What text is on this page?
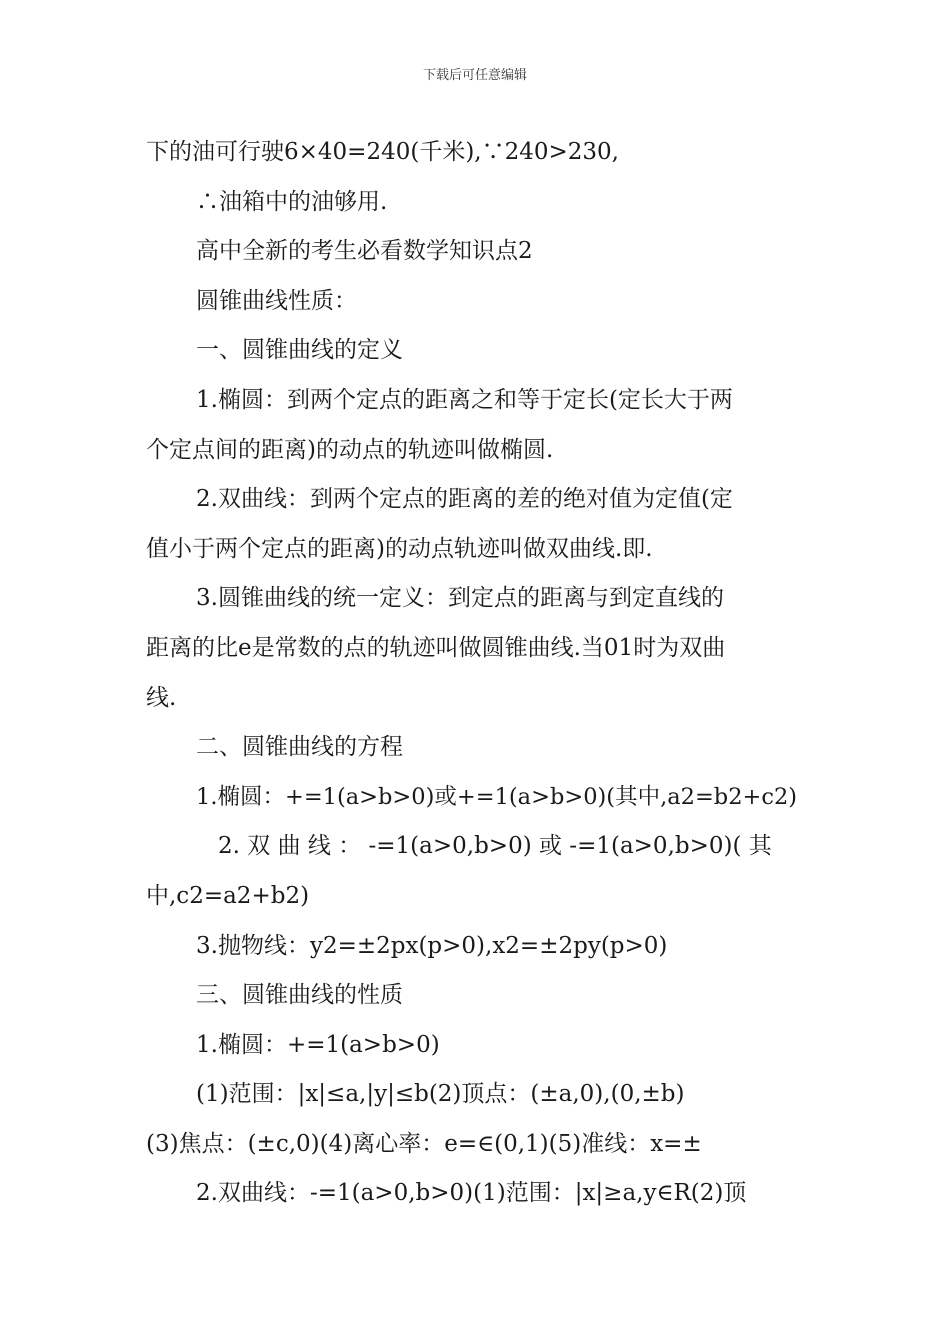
下载后可任意编辑
下的油可行驶6×40=240(千米),∵240>230,
∴油箱中的油够用.
高中全新的考生必看数学知识点2
圆锥曲线性质：
一、圆锥曲线的定义
1.椭圆：到两个定点的距离之和等于定长(定长大于两
个定点间的距离)的动点的轨迹叫做椭圆.
2.双曲线：到两个定点的距离的差的绝对值为定值(定
值小于两个定点的距离)的动点轨迹叫做双曲线.即.
3.圆锥曲线的统一定义：到定点的距离与到定直线的
距离的比e是常数的点的轨迹叫做圆锥曲线.当01时为双曲
线.
二、圆锥曲线的方程
1.椭圆：+=1(a>b>0)或+=1(a>b>0)(其中,a2=b2+c2)
2. 双 曲 线 ： -=1(a>0,b>0) 或 -=1(a>0,b>0)( 其
中,c2=a2+b2)
3.抛物线：y2=±2px(p>0),x2=±2py(p>0)
三、圆锥曲线的性质
1.椭圆：+=1(a>b>0)
(1)范围：|x|≤a,|y|≤b(2)顶点：(±a,0),(0,±b)
(3)焦点：(±c,0)(4)离心率：e=∈(0,1)(5)准线：x=±
2.双曲线：-=1(a>0,b>0)(1)范围：|x|≥a,y∈R(2)顶
